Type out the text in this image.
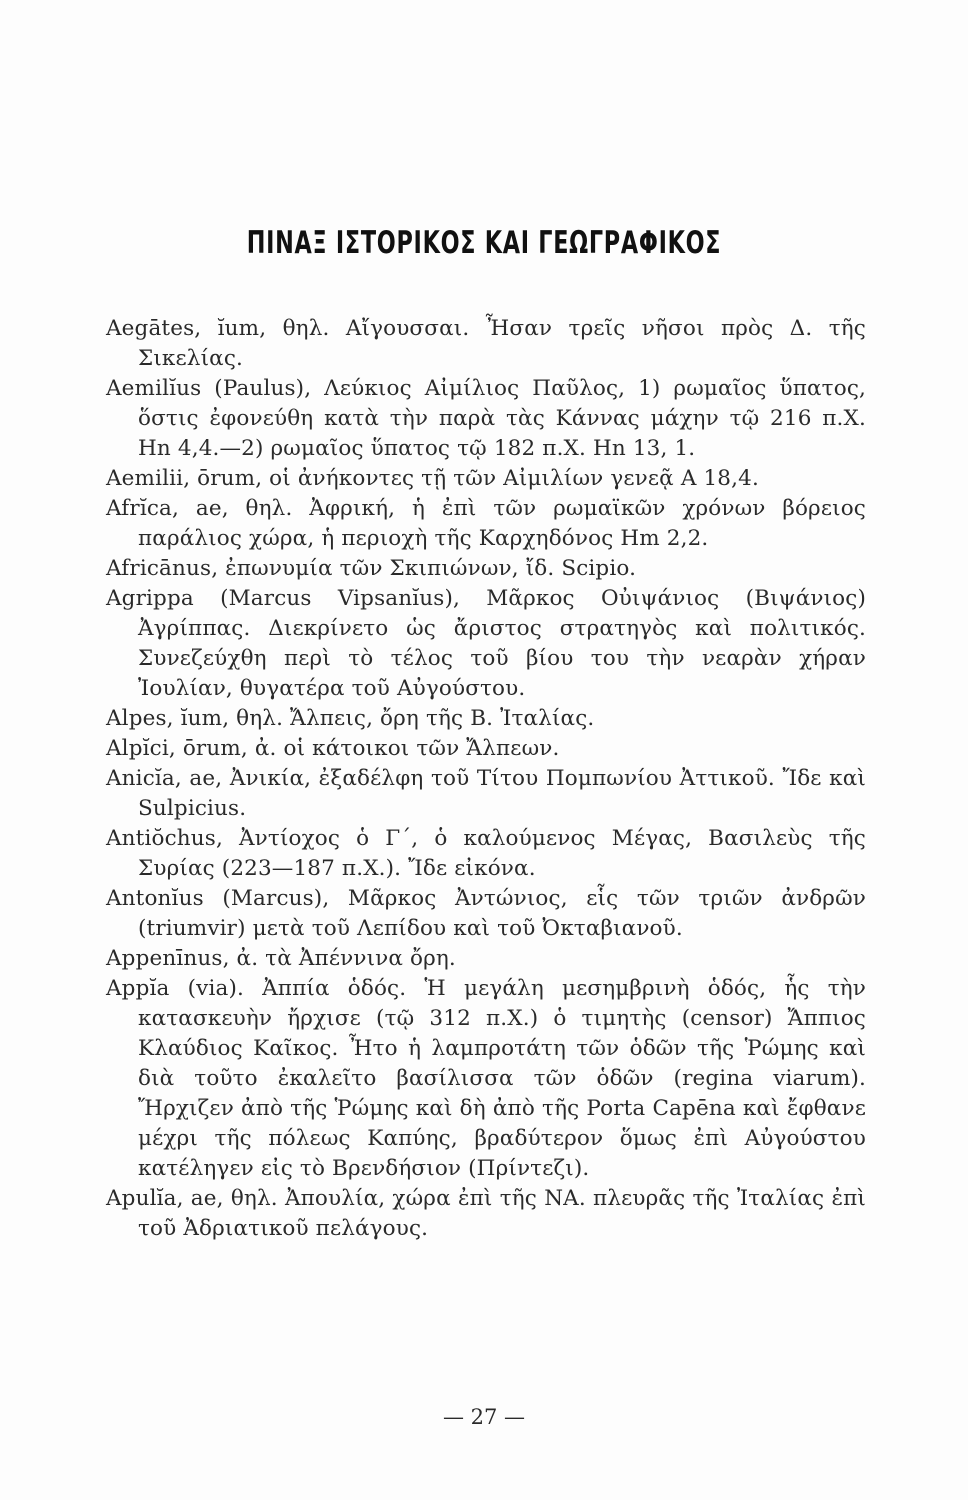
ΠΙΝΑΞ ΙΣΤΟΡΙΚΟΣ ΚΑΙ ΓΕΩΓΡΑΦΙΚΟΣ
Aegātes, ĭum, θηλ. Αἴγουσσαι. Ἦσαν τρεῖς νῆσοι πρὸς Δ. τῆς Σικελίας.
Aemilĭus (Paulus), Λεύκιος Αἰμίλιος Παῦλος, 1) ρωμαῖος ὕπατος, ὅστις ἐφονεύθη κατὰ τὴν παρὰ τὰς Κάννας μάχην τῷ 216 π.Χ. Ηn 4,4.—2) ρωμαῖος ὕπατος τῷ 182 π.Χ. Ηn 13, 1.
Aemilii, ōrum, οἱ ἀνήκοντες τῇ τῶν Αἰμιλίων γενεᾷ Α 18,4.
Afrĭca, ae, θηλ. Ἀφρική, ἡ ἐπὶ τῶν ρωμαϊκῶν χρόνων βόρειος παράλιος χώρα, ἡ περιοχὴ τῆς Καρχηδόνος Hm 2,2.
Africānus, ἐπωνυμία τῶν Σκιπιώνων, ἴδ. Scipio.
Agrippa (Marcus Vipsanĭus), Μᾶρκος Οὐιψάνιος (Βιψάνιος) Ἀγρίππας. Διεκρίνετο ὡς ἄριστος στρατηγὸς καὶ πολιτικός. Συνεζεύχθη περὶ τὸ τέλος τοῦ βίου του τὴν νεαρὰν χήραν Ἰουλίαν, θυγατέρα τοῦ Αὐγούστου.
Alpes, ĭum, θηλ. Ἄλπεις, ὄρη τῆς Β. Ἰταλίας.
Alpĭci, ōrum, ἀ. οἱ κάτοικοι τῶν Ἄλπεων.
Anicĭa, ae, Ἀνικία, ἐξαδέλφη τοῦ Τίτου Πομπωνίου Ἀττικοῦ. Ἴδε καὶ Sulpicius.
Antiŏchus, Ἀντίοχος ὁ Γ΄, ὁ καλούμενος Μέγας, Βασιλεὺς τῆς Συρίας (223—187 π.Χ.). Ἴδε εἰκόνα.
Antonĭus (Marcus), Μᾶρκος Ἀντώνιος, εἷς τῶν τριῶν ἀνδρῶν (triumvir) μετὰ τοῦ Λεπίδου καὶ τοῦ Ὀκταβιανοῦ.
Appenīnus, ἀ. τὰ Ἀπέννινα ὄρη.
Appĭa (via). Ἀππία ὁδός. Ἡ μεγάλη μεσημβρινὴ ὁδός, ἧς τὴν κατασκευὴν ἤρχισε (τῷ 312 π.Χ.) ὁ τιμητὴς (censor) Ἄππιος Κλαύδιος Καῖκος. Ἦτο ἡ λαμπροτάτη τῶν ὁδῶν τῆς Ῥώμης καὶ διὰ τοῦτο ἐκαλεῖτο βασίλισσα τῶν ὁδῶν (regina viarum). Ἤρχιζεν ἀπὸ τῆς Ῥώμης καὶ δὴ ἀπὸ τῆς Porta Capēna καὶ ἔφθανε μέχρι τῆς πόλεως Καπύης, βραδύτερον ὅμως ἐπὶ Αὐγούστου κατέληγεν εἰς τὸ Βρενδήσιον (Πρίντεζι).
Apulĭa, ae, θηλ. Ἀπουλία, χώρα ἐπὶ τῆς ΝΑ. πλευρᾶς τῆς Ἰταλίας ἐπὶ τοῦ Ἀδριατικοῦ πελάγους.
— 27 —
